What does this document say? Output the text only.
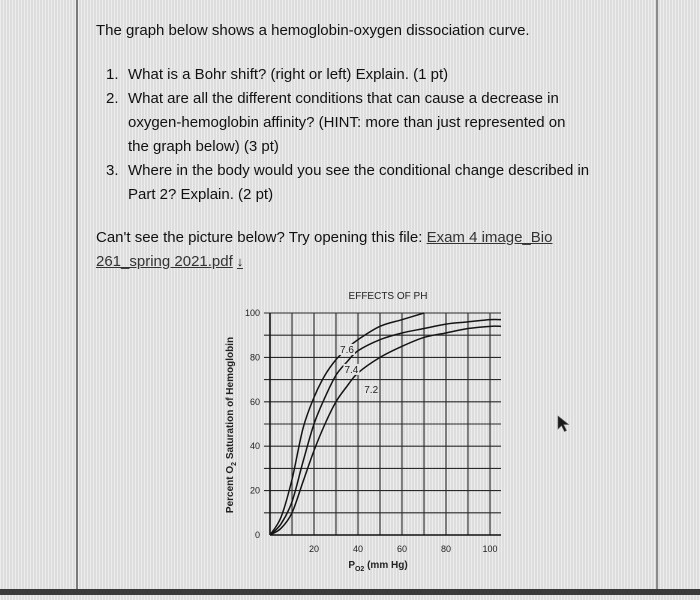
The graph below shows a hemoglobin-oxygen dissociation curve.
1. What is a Bohr shift? (right or left) Explain. (1 pt)
2. What are all the different conditions that can cause a decrease in
oxygen-hemoglobin affinity? (HINT: more than just represented on
the graph below) (3 pt)
3. Where in the body would you see the conditional change described in
Part 2? Explain. (2 pt)
Can't see the picture below? Try opening this file: Exam 4 image_Bio
261_spring 2021.pdf ↓
0
20
40
60
80
100
20	40	60	80	100
EFFECTS OF PH
$P_{O2}$ (mm Hg)
Percent $O_2$ Saturation of Hemoglobin	7.6
7.4
7.2
